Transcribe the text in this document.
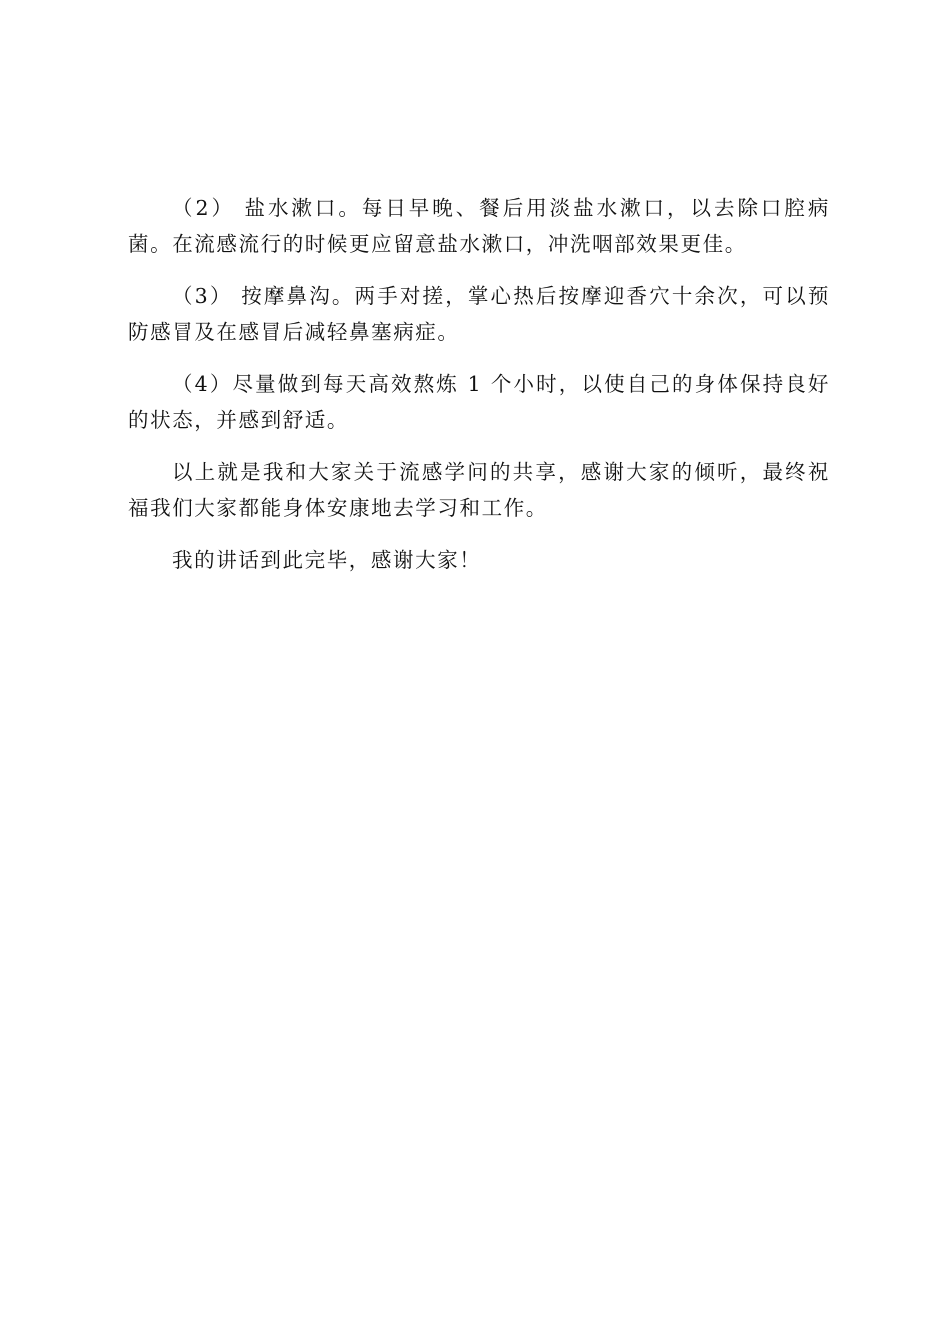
（2） 盐水漱口。每日早晚、餐后用淡盐水漱口，以去除口腔病菌。在流感流行的时候更应留意盐水漱口，冲洗咽部效果更佳。

（3） 按摩鼻沟。两手对搓，掌心热后按摩迎香穴十余次，可以预防感冒及在感冒后减轻鼻塞病症。

（4）尽量做到每天高效熬炼 1 个小时，以使自己的身体保持良好的状态，并感到舒适。

以上就是我和大家关于流感学问的共享，感谢大家的倾听，最终祝福我们大家都能身体安康地去学习和工作。

我的讲话到此完毕，感谢大家！
